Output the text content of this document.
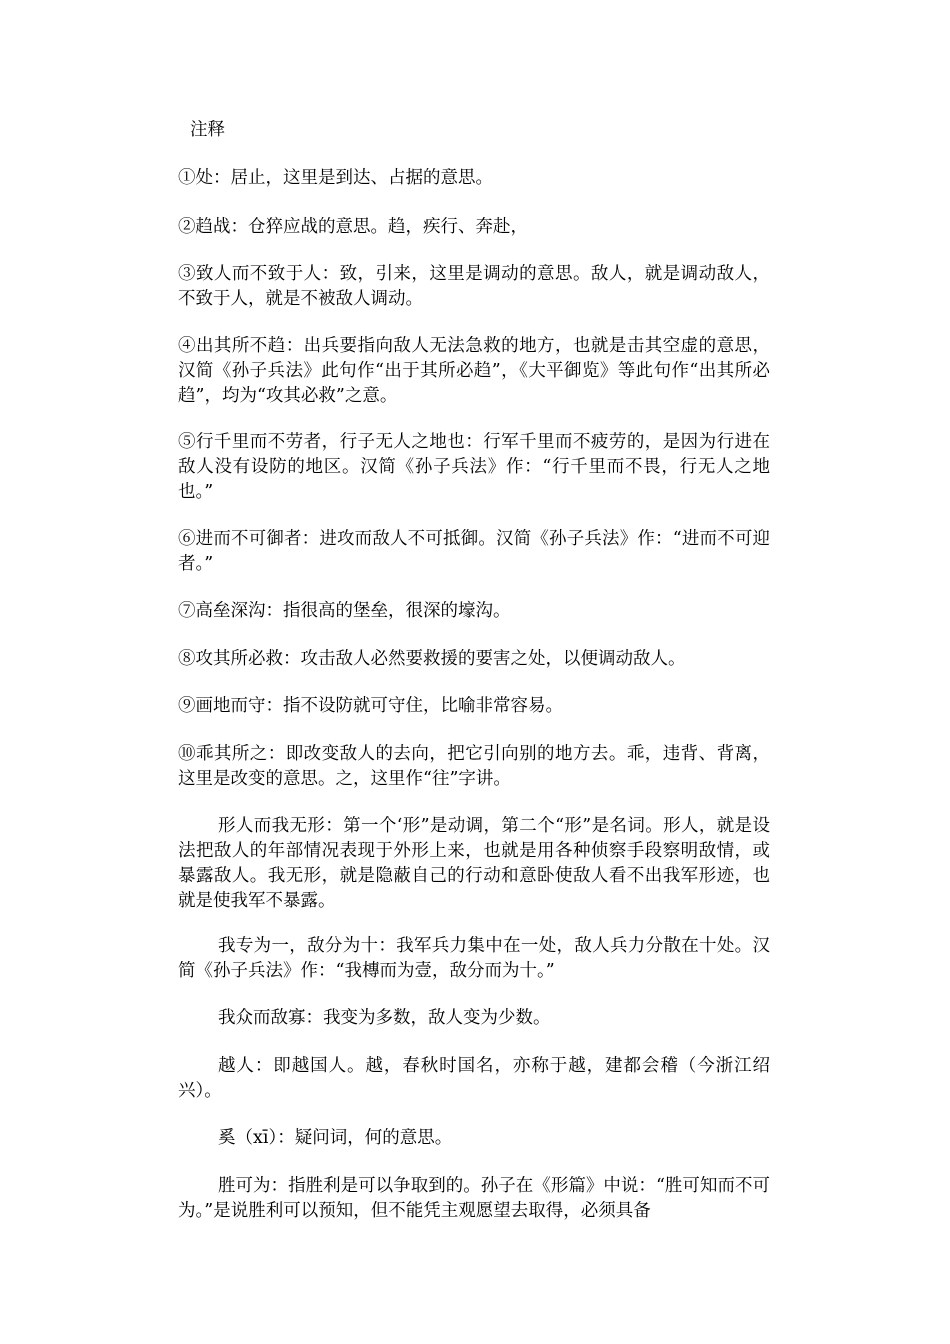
注释
①处：居止，这里是到达、占据的意思。
②趋战：仓猝应战的意思。趋，疾行、奔赴，
③致人而不致于人：致，引来，这里是调动的意思。敌人，就是调动敌人，不致于人，就是不被敌人调动。
④出其所不趋：出兵要指向敌人无法急救的地方，也就是击其空虚的意思，汉简《孙子兵法》此句作“出于其所必趋”，《大平御览》等此句作“出其所必趋”，均为“攻其必救”之意。
⑤行千里而不劳者，行子无人之地也：行军千里而不疲劳的，是因为行进在敌人没有设防的地区。汉简《孙子兵法》作：“行千里而不畏，行无人之地也。”
⑥进而不可御者：进攻而敌人不可抵御。汉简《孙子兵法》作：“进而不可迎者。”
⑦高垒深沟：指很高的堡垒，很深的壕沟。
⑧攻其所必救：攻击敌人必然要救援的要害之处，以便调动敌人。
⑨画地而守：指不设防就可守住，比喻非常容易。
⑩乖其所之：即改变敌人的去向，把它引向别的地方去。乖，违背、背离，这里是改变的意思。之，这里作“往”字讲。
形人而我无形：第一个‘形”是动调，第二个“形”是名词。形人，就是设法把敌人的年部情况表现于外形上来，也就是用各种侦察手段察明敌情，或暴露敌人。我无形，就是隐蔽自己的行动和意卧使敌人看不出我军形迹，也就是使我军不暴露。
我专为一，敌分为十：我军兵力集中在一处，敌人兵力分散在十处。汉简《孙子兵法》作：“我槫而为壹，敌分而为十。”
我众而敌寡：我变为多数，敌人变为少数。
越人：即越国人。越，春秋时国名，亦称于越，建都会稽（今浙江绍兴）。
奚（xī）：疑问词，何的意思。
胜可为：指胜利是可以争取到的。孙子在《形篇》中说：“胜可知而不可为。”是说胜利可以预知，但不能凭主观愿望去取得，必须具备
